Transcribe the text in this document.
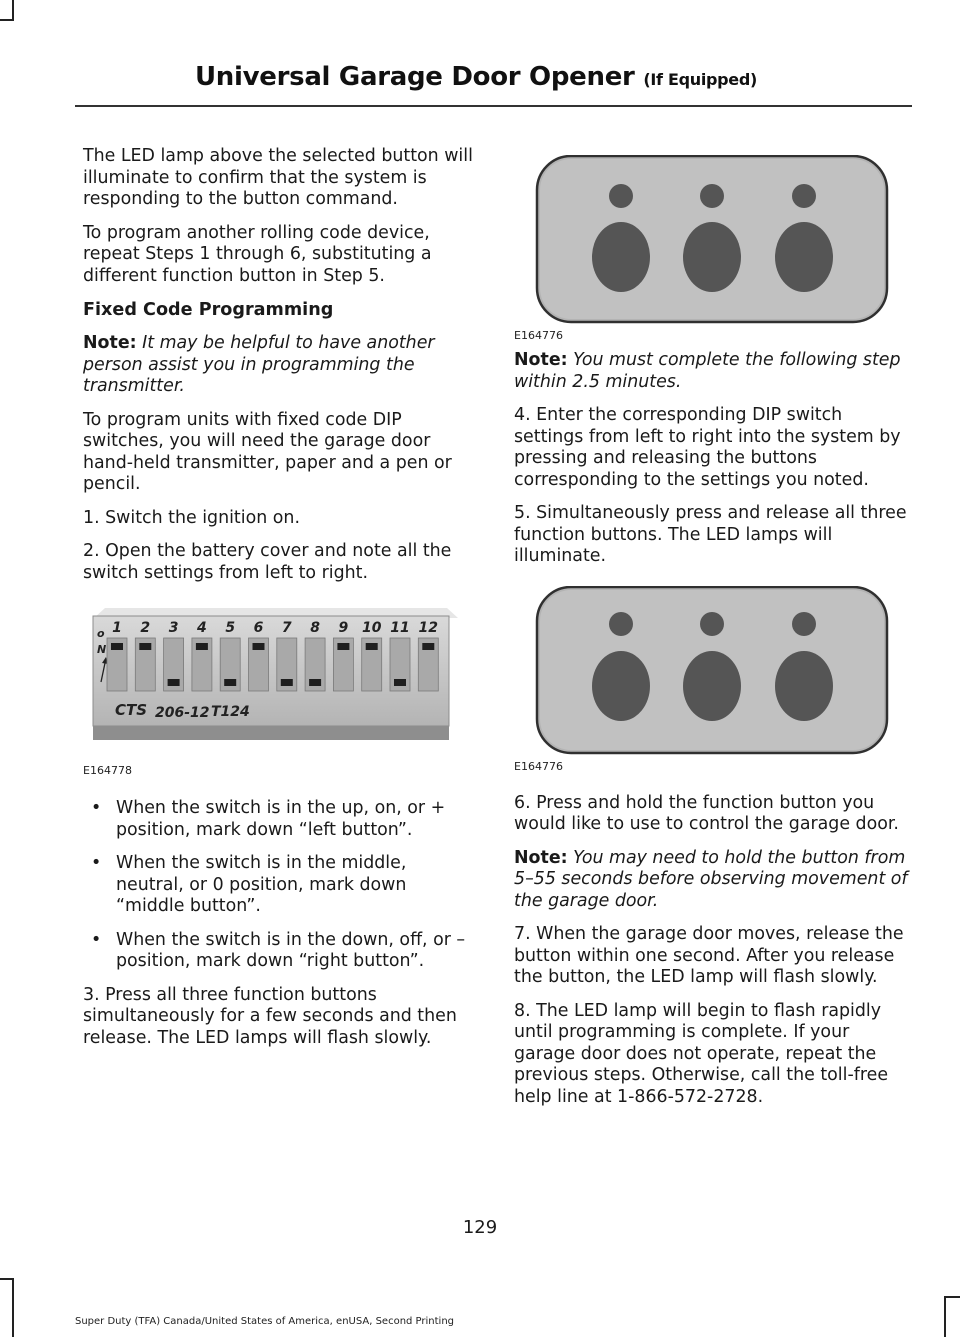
Universal Garage Door Opener (If Equipped)

The LED lamp above the selected button will illuminate to confirm that the system is responding to the button command.

To program another rolling code device, repeat Steps 1 through 6, substituting a different function button in Step 5.

Fixed Code Programming

Note: It may be helpful to have another person assist you in programming the transmitter.

To program units with fixed code DIP switches, you will need the garage door hand-held transmitter, paper and a pen or pencil.

1. Switch the ignition on.

2. Open the battery cover and note all the switch settings from left to right.

o
N
1 2 3 4 5 6 7 8 9 10 11 12
CTS 206-12 T124
E164778
• When the switch is in the up, on, or + position, mark down “left button”.
• When the switch is in the middle, neutral, or 0 position, mark down “middle button”.
• When the switch is in the down, off, or – position, mark down “right button”.

3. Press all three function buttons simultaneously for a few seconds and then release. The LED lamps will flash slowly.

E164776

Note: You must complete the following step within 2.5 minutes.

4. Enter the corresponding DIP switch settings from left to right into the system by pressing and releasing the buttons corresponding to the settings you noted.

5. Simultaneously press and release all three function buttons. The LED lamps will illuminate.

E164776

6. Press and hold the function button you would like to use to control the garage door.

Note: You may need to hold the button from 5–55 seconds before observing movement of the garage door.

7. When the garage door moves, release the button within one second. After you release the button, the LED lamp will flash slowly.

8. The LED lamp will begin to flash rapidly until programming is complete. If your garage door does not operate, repeat the previous steps. Otherwise, call the toll-free help line at 1-866-572-2728.

129
Super Duty (TFA) Canada/United States of America, enUSA, Second Printing
